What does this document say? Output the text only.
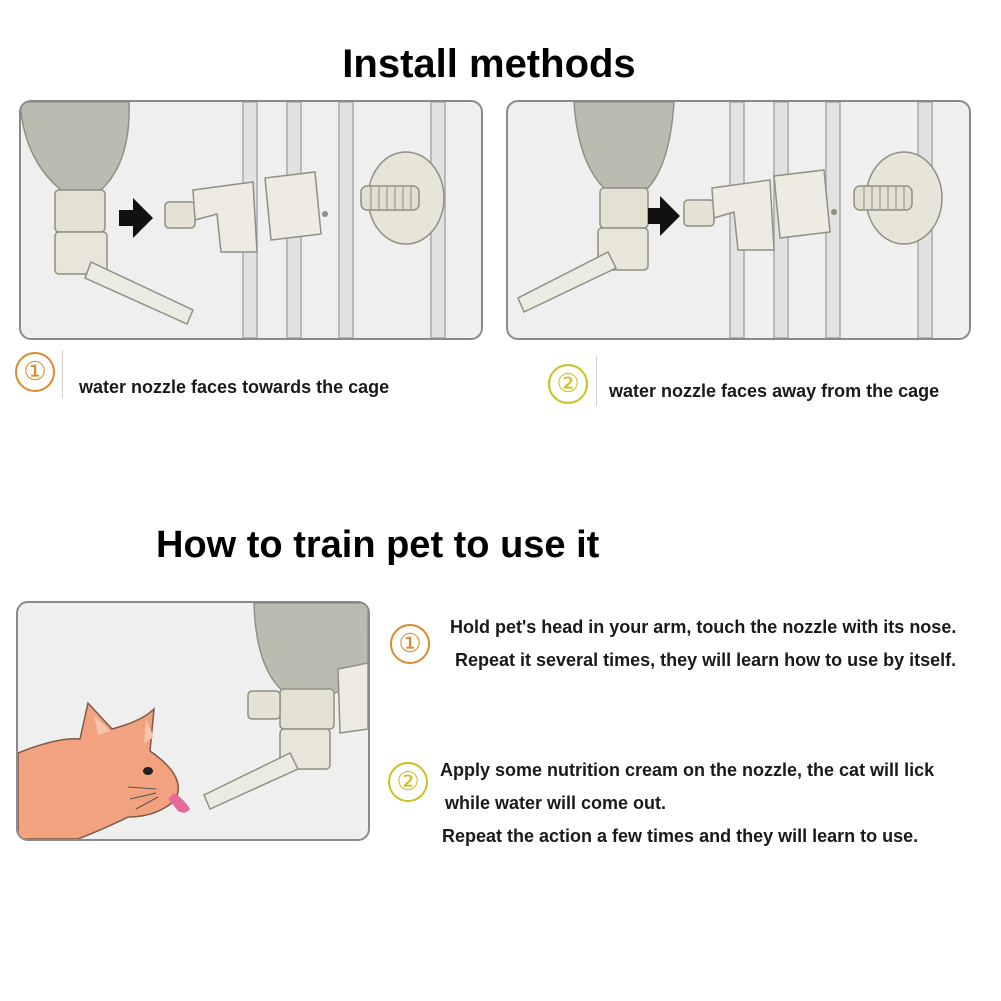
Install methods
①	water nozzle faces towards the cage	②	water nozzle faces away from the cage
How to train pet to use it
①
Hold pet's head in your arm, touch the nozzle with its nose.
Repeat it several times, they will learn how to use by itself.
②	Apply some nutrition cream on the nozzle, the cat will lick
while water will come out.
Repeat the action a few times and they will learn to use.
